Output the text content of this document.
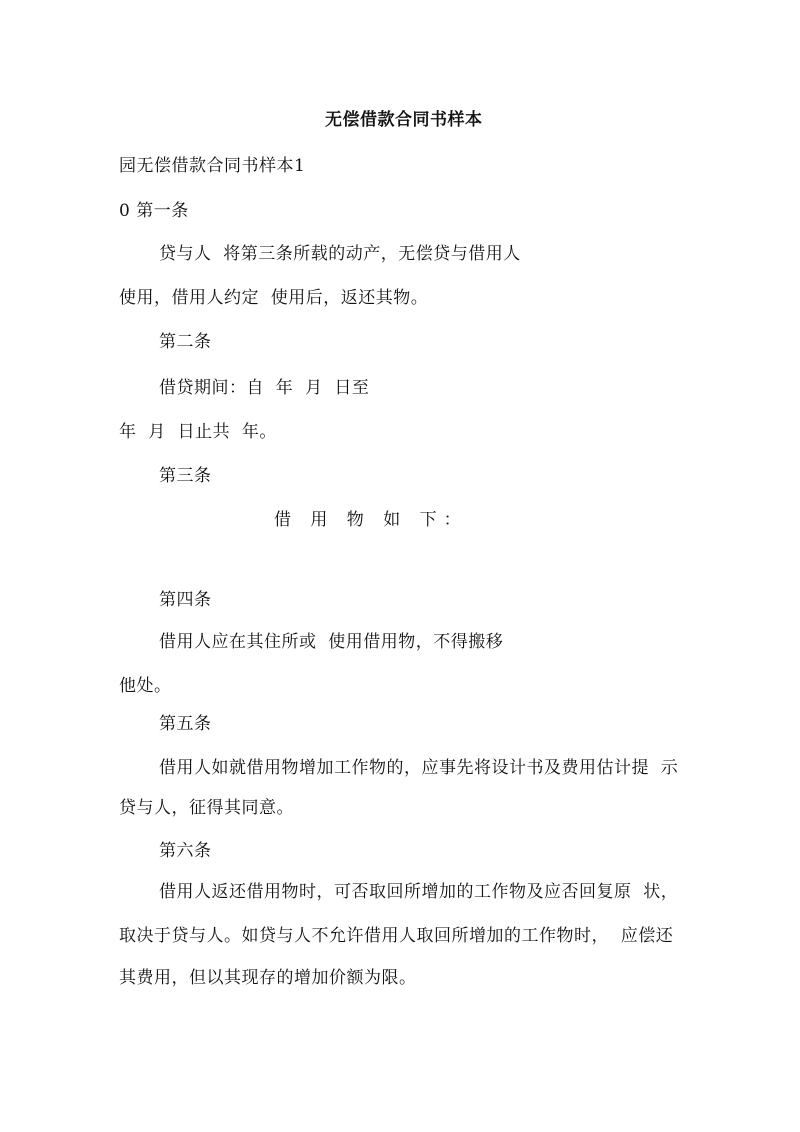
无偿借款合同书样本
园无偿借款合同书样本1
0 第一条
贷与人  将第三条所载的动产，无偿贷与借用人
使用，借用人约定  使用后，返还其物。
第二条
借贷期间：自  年  月  日至
年  月  日止共  年。
第三条
借 用 物 如 下：
第四条
借用人应在其住所或  使用借用物，不得搬移
他处。
第五条
借用人如就借用物增加工作物的，应事先将设计书及费用估计提  示
贷与人，征得其同意。
第六条
借用人返还借用物时，可否取回所增加的工作物及应否回复原  状，
取决于贷与人。如贷与人不允许借用人取回所增加的工作物时，  应偿还
其费用，但以其现存的增加价额为限。
